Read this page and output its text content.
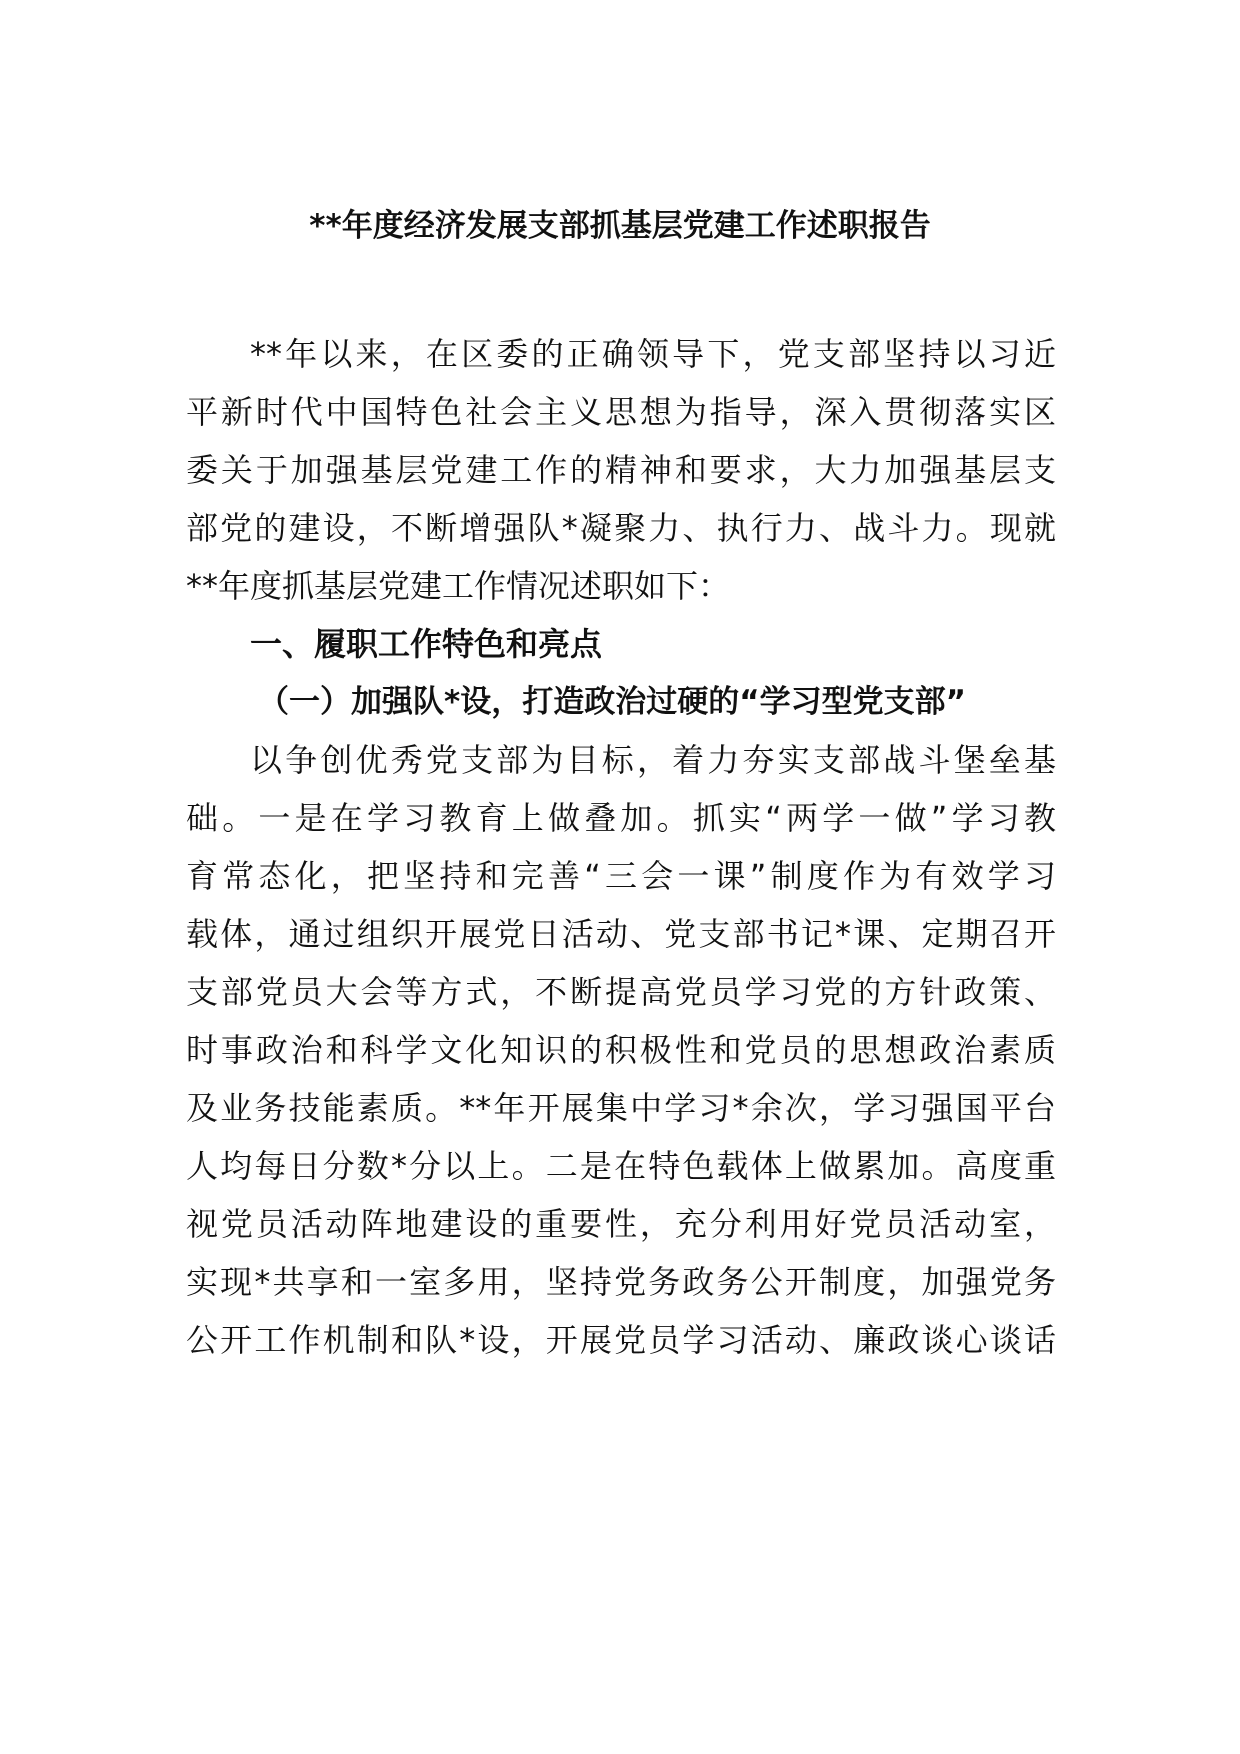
**年度经济发展支部抓基层党建工作述职报告
**年以来，在区委的正确领导下，党支部坚持以习近
平新时代中国特色社会主义思想为指导，深入贯彻落实区
委关于加强基层党建工作的精神和要求，大力加强基层支
部党的建设，不断增强队*凝聚力、执行力、战斗力。现就
**年度抓基层党建工作情况述职如下：
一、履职工作特色和亮点
（一）加强队*设，打造政治过硬的“学习型党支部”
以争创优秀党支部为目标，着力夯实支部战斗堡垒基
础。一是在学习教育上做叠加。抓实“两学一做”学习教
育常态化，把坚持和完善“三会一课”制度作为有效学习
载体，通过组织开展党日活动、党支部书记*课、定期召开
支部党员大会等方式，不断提高党员学习党的方针政策、
时事政治和科学文化知识的积极性和党员的思想政治素质
及业务技能素质。**年开展集中学习*余次，学习强国平台
人均每日分数*分以上。二是在特色载体上做累加。高度重
视党员活动阵地建设的重要性，充分利用好党员活动室，
实现*共享和一室多用，坚持党务政务公开制度，加强党务
公开工作机制和队*设，开展党员学习活动、廉政谈心谈话
